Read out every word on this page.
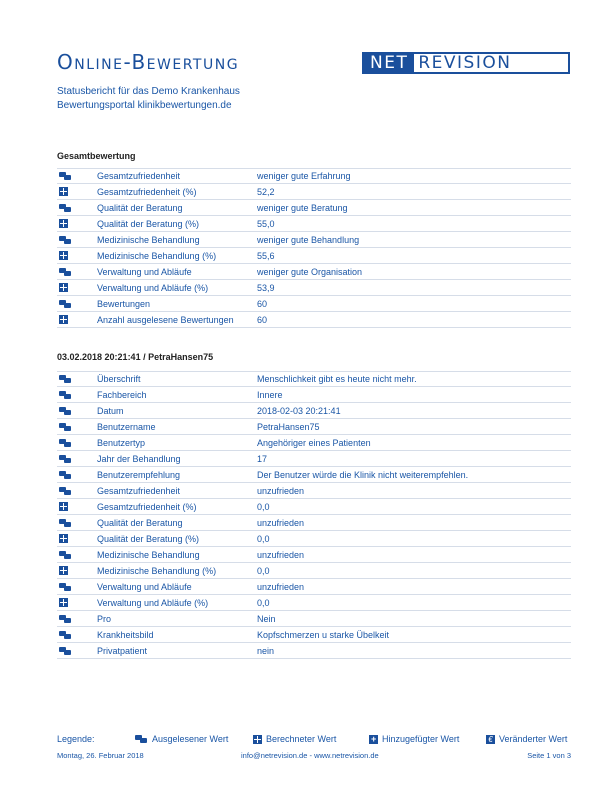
Online-Bewertung	NET REVISION
Statusbericht für das Demo Krankenhaus
Bewertungsportal klinikbewertungen.de
Gesamtbewertung
Gesamtzufriedenheit	weniger gute Erfahrung
Gesamtzufriedenheit (%)	52,2
Qualität der Beratung	weniger gute Beratung
Qualität der Beratung (%)	55,0
Medizinische Behandlung	weniger gute Behandlung
Medizinische Behandlung (%)	55,6
Verwaltung und Abläufe	weniger gute Organisation
Verwaltung und Abläufe (%)	53,9
Bewertungen	60
Anzahl ausgelesene Bewertungen	60
03.02.2018 20:21:41 / PetraHansen75
Überschrift	Menschlichkeit gibt es heute nicht mehr.
Fachbereich	Innere
Datum	2018-02-03 20:21:41
Benutzername	PetraHansen75
Benutzertyp	Angehöriger eines Patienten
Jahr der Behandlung	17
Benutzerempfehlung	Der Benutzer würde die Klinik nicht weiterempfehlen.
Gesamtzufriedenheit	unzufrieden
Gesamtzufriedenheit (%)	0,0
Qualität der Beratung	unzufrieden
Qualität der Beratung (%)	0,0
Medizinische Behandlung	unzufrieden
Medizinische Behandlung (%)	0,0
Verwaltung und Abläufe	unzufrieden
Verwaltung und Abläufe (%)	0,0
Pro	Nein
Krankheitsbild	Kopfschmerzen u starke Übelkeit
Privatpatient	nein
Legende:	Ausgelesener Wert	Berechneter Wert	+ Hinzugefügter Wert	€ Veränderter Wert
Montag, 26. Februar 2018	info@netrevision.de - www.netrevision.de	Seite 1 von 3
